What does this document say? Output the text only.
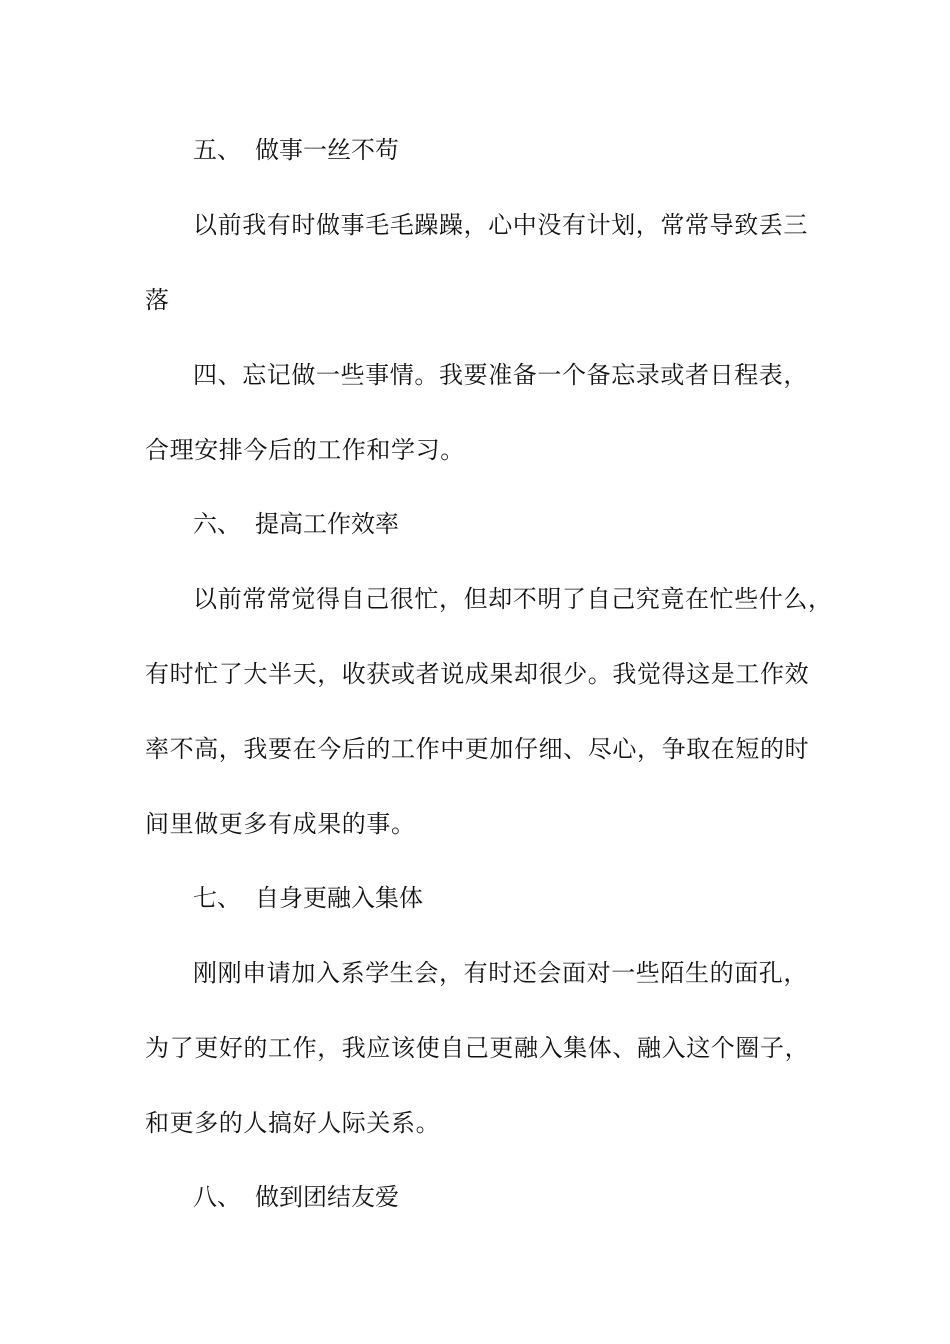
五、 做事一丝不苟
以前我有时做事毛毛躁躁，心中没有计划，常常导致丢三
落
四、忘记做一些事情。我要准备一个备忘录或者日程表，
合理安排今后的工作和学习。
六、 提高工作效率
以前常常觉得自己很忙，但却不明了自己究竟在忙些什么，
有时忙了大半天，收获或者说成果却很少。我觉得这是工作效
率不高，我要在今后的工作中更加仔细、尽心，争取在短的时
间里做更多有成果的事。
七、 自身更融入集体
刚刚申请加入系学生会，有时还会面对一些陌生的面孔，
为了更好的工作，我应该使自己更融入集体、融入这个圈子，
和更多的人搞好人际关系。
八、 做到团结友爱
